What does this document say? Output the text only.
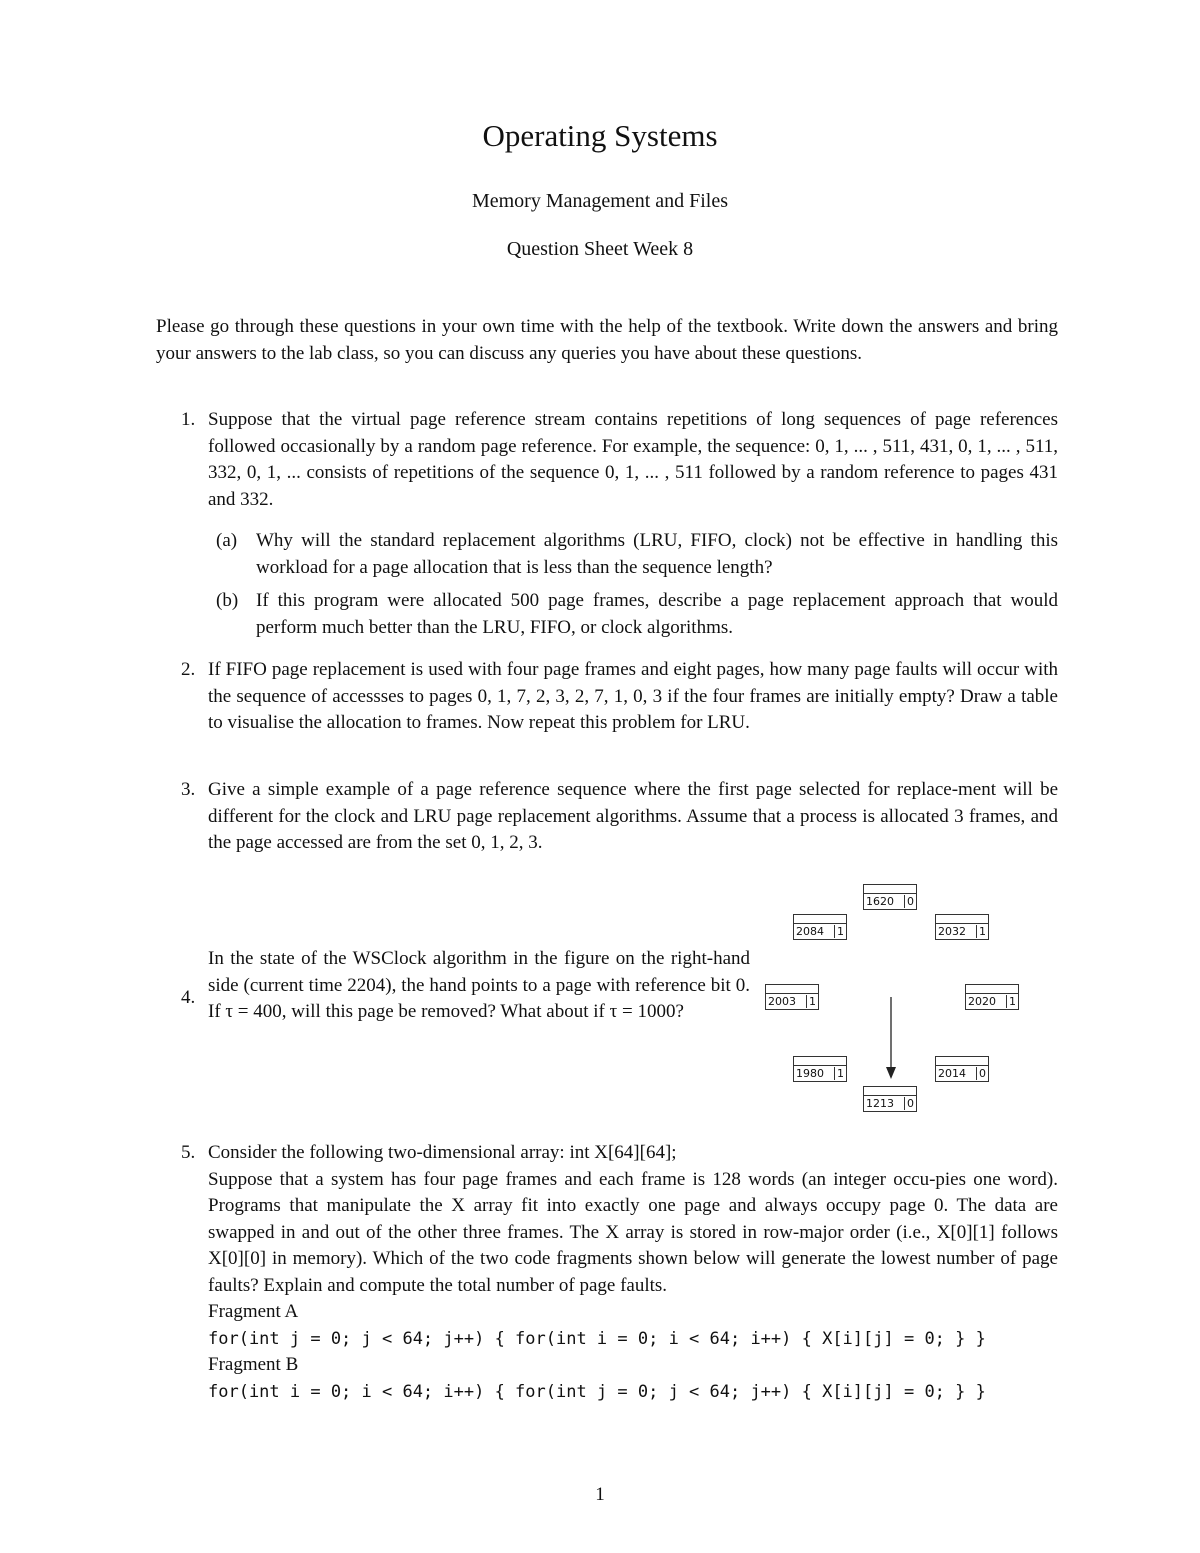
Operating Systems
Memory Management and Files
Question Sheet Week 8
Please go through these questions in your own time with the help of the textbook. Write down the answers and bring your answers to the lab class, so you can discuss any queries you have about these questions.
1. Suppose that the virtual page reference stream contains repetitions of long sequences of page references followed occasionally by a random page reference. For example, the sequence: 0, 1, ... , 511, 431, 0, 1, ... , 511, 332, 0, 1, ... consists of repetitions of the sequence 0, 1, ... , 511 followed by a random reference to pages 431 and 332.
(a) Why will the standard replacement algorithms (LRU, FIFO, clock) not be effective in handling this workload for a page allocation that is less than the sequence length?
(b) If this program were allocated 500 page frames, describe a page replacement approach that would perform much better than the LRU, FIFO, or clock algorithms.
2. If FIFO page replacement is used with four page frames and eight pages, how many page faults will occur with the sequence of accessses to pages 0, 1, 7, 2, 3, 2, 7, 1, 0, 3 if the four frames are initially empty? Draw a table to visualise the allocation to frames. Now repeat this problem for LRU.
3. Give a simple example of a page reference sequence where the first page selected for replace-ment will be different for the clock and LRU page replacement algorithms. Assume that a process is allocated 3 frames, and the page accessed are from the set 0, 1, 2, 3.
4.
In the state of the WSClock algorithm in the figure on the right-hand side (current time 2204), the hand points to a page with reference bit 0. If τ = 400, will this page be removed? What about if τ = 1000?
1620 0
2032 1
2020 1
2014 0
1213 0
1980 1
2003 1
2084 1
5. Consider the following two-dimensional array: int X[64][64];
Suppose that a system has four page frames and each frame is 128 words (an integer occu-pies one word). Programs that manipulate the X array fit into exactly one page and always occupy page 0. The data are swapped in and out of the other three frames. The X array is stored in row-major order (i.e., X[0][1] follows X[0][0] in memory). Which of the two code fragments shown below will generate the lowest number of page faults? Explain and compute the total number of page faults.
Fragment A
for(int j = 0; j < 64; j++) { for(int i = 0; i < 64; i++) { X[i][j] = 0; } }
Fragment B
for(int i = 0; i < 64; i++) { for(int j = 0; j < 64; j++) { X[i][j] = 0; } }
1
